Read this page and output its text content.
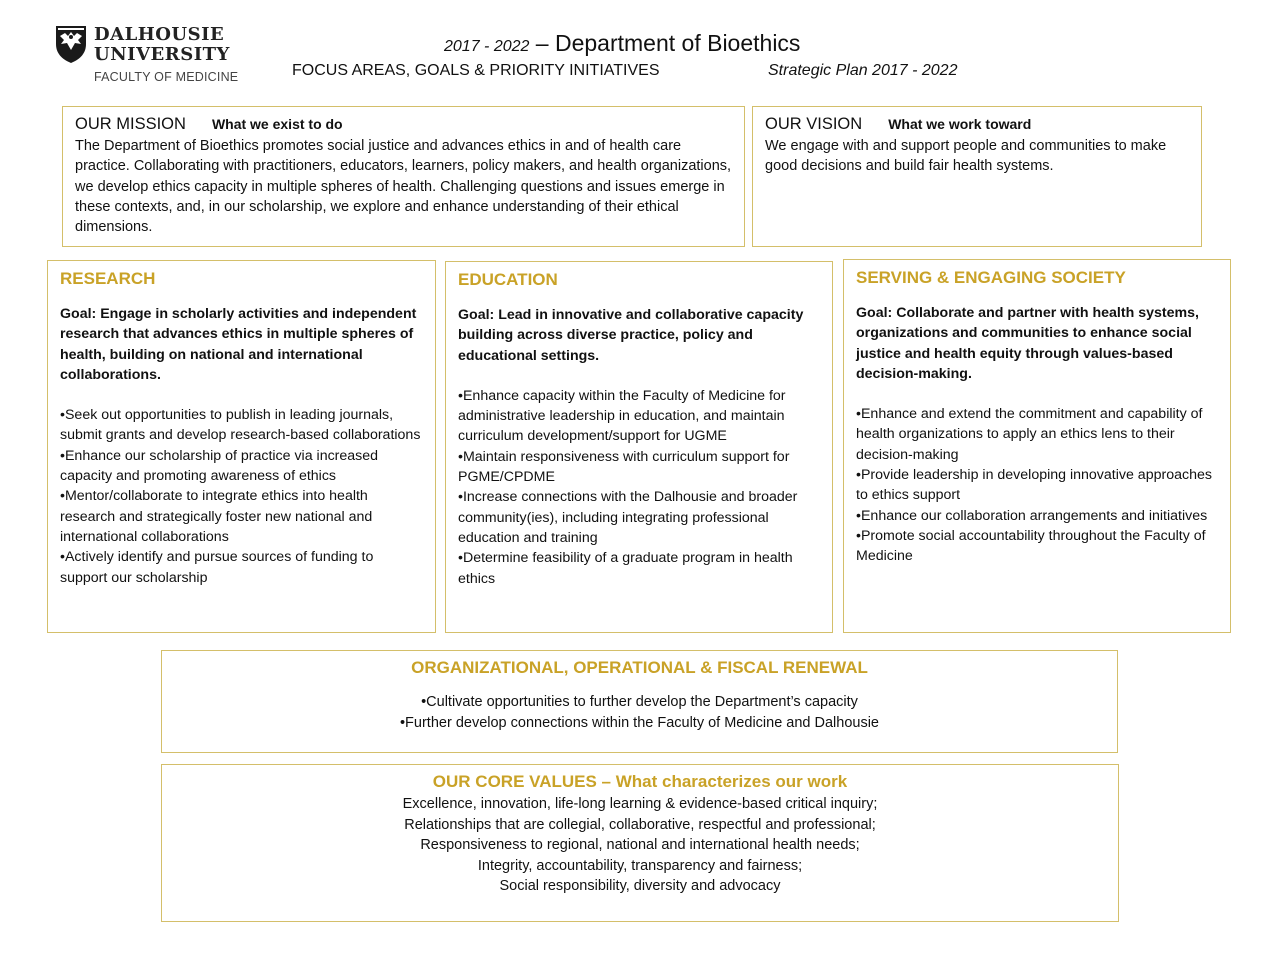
DALHOUSIE
UNIVERSITY
FACULTY OF MEDICINE
2017 - 2022 – Department of Bioethics
FOCUS AREAS, GOALS & PRIORITY INITIATIVES	Strategic Plan 2017 - 2022
OUR MISSION What we exist to do
The Department of Bioethics promotes social justice and advances ethics in and of health care practice. Collaborating with practitioners, educators, learners, policy makers, and health organizations, we develop ethics capacity in multiple spheres of health. Challenging questions and issues emerge in these contexts, and, in our scholarship, we explore and enhance understanding of their ethical dimensions.
OUR VISION What we work toward
We engage with and support people and communities to make good decisions and build fair health systems.
RESEARCH
Goal: Engage in scholarly activities and independent research that advances ethics in multiple spheres of health, building on national and international collaborations.
•Seek out opportunities to publish in leading journals, submit grants and develop research-based collaborations
•Enhance our scholarship of practice via increased capacity and promoting awareness of ethics
•Mentor/collaborate to integrate ethics into health research and strategically foster new national and international collaborations
•Actively identify and pursue sources of funding to support our scholarship
EDUCATION
Goal: Lead in innovative and collaborative capacity building across diverse practice, policy and educational settings.
•Enhance capacity within the Faculty of Medicine for administrative leadership in education, and maintain curriculum development/support for UGME
•Maintain responsiveness with curriculum support for PGME/CPDME
•Increase connections with the Dalhousie and broader community(ies), including integrating professional education and training
•Determine feasibility of a graduate program in health ethics
SERVING & ENGAGING SOCIETY
Goal: Collaborate and partner with health systems, organizations and communities to enhance social justice and health equity through values-based decision-making.
•Enhance and extend the commitment and capability of health organizations to apply an ethics lens to their decision-making
•Provide leadership in developing innovative approaches to ethics support
•Enhance our collaboration arrangements and initiatives
•Promote social accountability throughout the Faculty of Medicine
ORGANIZATIONAL, OPERATIONAL & FISCAL RENEWAL
•Cultivate opportunities to further develop the Department’s capacity
•Further develop connections within the Faculty of Medicine and Dalhousie
OUR CORE VALUES – What characterizes our work
Excellence, innovation, life-long learning & evidence-based critical inquiry;
Relationships that are collegial, collaborative, respectful and professional;
Responsiveness to regional, national and international health needs;
Integrity, accountability, transparency and fairness;
Social responsibility, diversity and advocacy
